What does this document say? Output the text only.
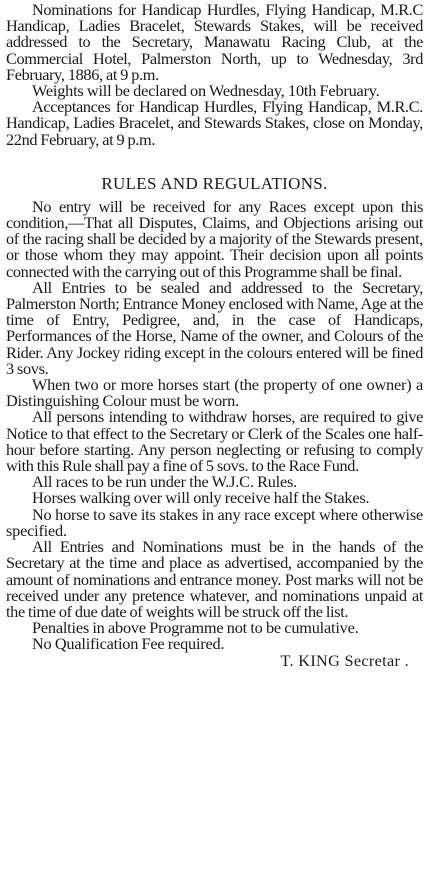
Nominations for Handicap Hurdles, Flying Handicap, M.R.C Handicap, Ladies Bracelet, Stewards Stakes, will be received addressed to the Secretary, Manawatu Racing Club, at the Commercial Hotel, Palmerston North, up to Wednesday, 3rd February, 1886, at 9 p.m.

Weights will be declared on Wednesday, 10th February.

Acceptances for Handicap Hurdles, Flying Handicap, M.R.C. Handicap, Ladies Bracelet, and Stewards Stakes, close on Monday, 22nd February, at 9 p.m.

RULES AND REGULATIONS.

No entry will be received for any Races except upon this condition,—That all Disputes, Claims, and Objections arising out of the racing shall be decided by a majority of the Stewards present, or those whom they may appoint. Their decision upon all points connected with the carrying out of this Programme shall be final.

All Entries to be sealed and addressed to the Secretary, Palmerston North; Entrance Money enclosed with Name, Age at the time of Entry, Pedigree, and, in the case of Handicaps, Performances of the Horse, Name of the owner, and Colours of the Rider. Any Jockey riding except in the colours entered will be fined 3 sovs.

When two or more horses start (the property of one owner) a Distinguishing Colour must be worn.

All persons intending to withdraw horses, are required to give Notice to that effect to the Secretary or Clerk of the Scales one half-hour before starting. Any person neglecting or refusing to comply with this Rule shall pay a fine of 5 sovs. to the Race Fund.

All races to be run under the W.J.C. Rules.

Horses walking over will only receive half the Stakes.

No horse to save its stakes in any race except where otherwise specified.

All Entries and Nominations must be in the hands of the Secretary at the time and place as advertised, accompanied by the amount of nominations and entrance money. Post marks will not be received under any pretence whatever, and nominations unpaid at the time of due date of weights will be struck off the list.

Penalties in above Programme not to be cumulative.

No Qualification Fee required.

T. KING Secretar .
